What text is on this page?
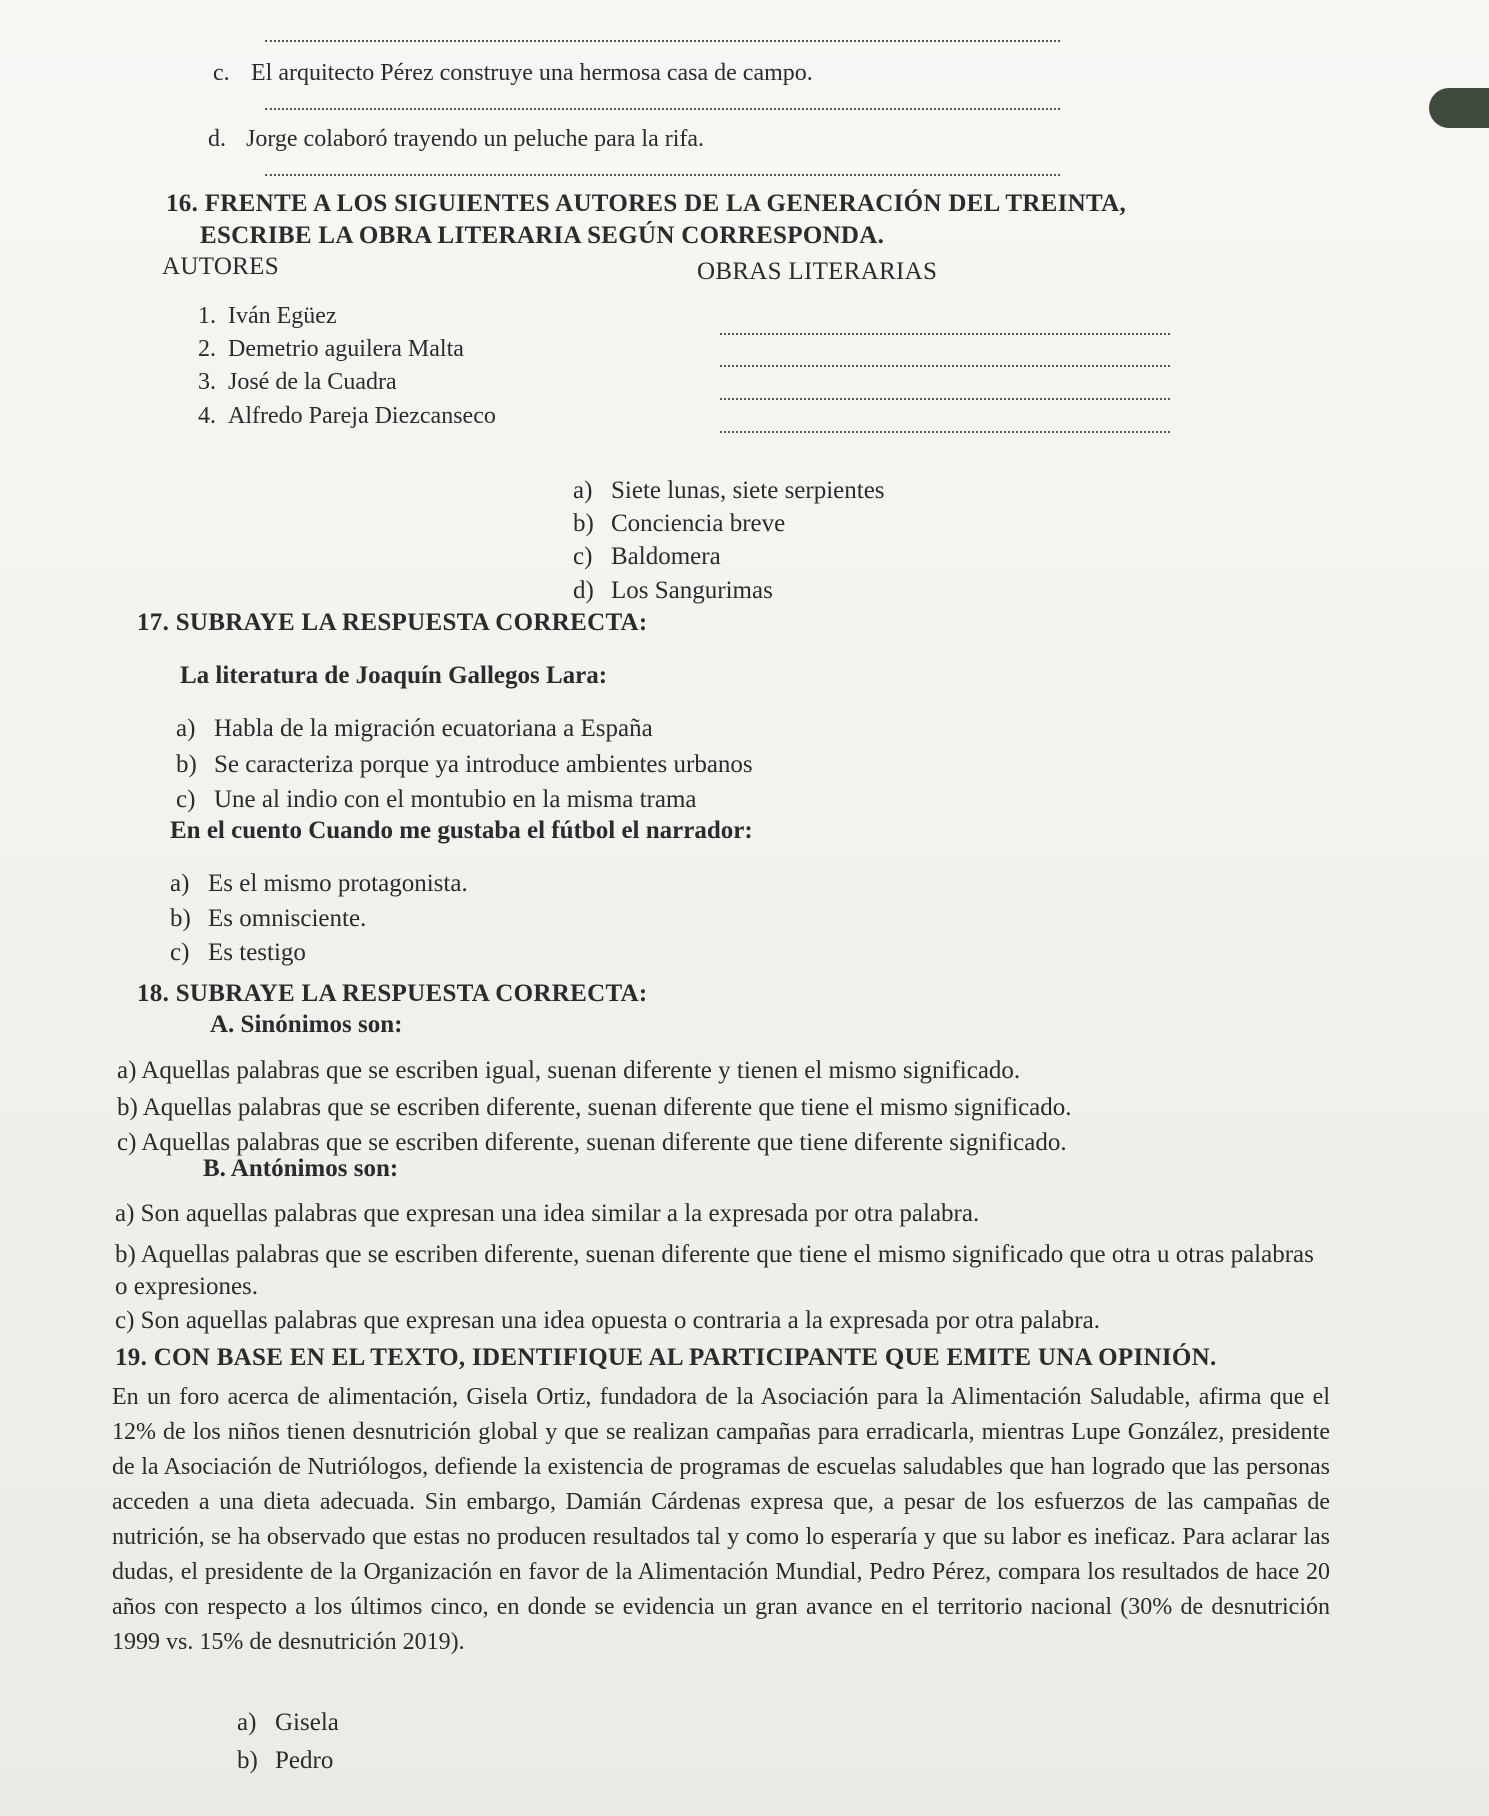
c. El arquitecto Pérez construye una hermosa casa de campo.
d. Jorge colaboró trayendo un peluche para la rifa.
16. FRENTE A LOS SIGUIENTES AUTORES DE LA GENERACIÓN DEL TREINTA,
ESCRIBE LA OBRA LITERARIA SEGÚN CORRESPONDA.
AUTORES	OBRAS LITERARIAS
1. Iván Egüez
2. Demetrio aguilera Malta
3. José de la Cuadra
4. Alfredo Pareja Diezcanseco
a) Siete lunas, siete serpientes
b) Conciencia breve
c) Baldomera
d) Los Sangurimas
17. SUBRAYE LA RESPUESTA CORRECTA:
La literatura de Joaquín Gallegos Lara:
a) Habla de la migración ecuatoriana a España
b) Se caracteriza porque ya introduce ambientes urbanos
c) Une al indio con el montubio en la misma trama
En el cuento Cuando me gustaba el fútbol el narrador:
a) Es el mismo protagonista.
b) Es omnisciente.
c) Es testigo
18. SUBRAYE LA RESPUESTA CORRECTA:
A. Sinónimos son:
a) Aquellas palabras que se escriben igual, suenan diferente y tienen el mismo significado.
b) Aquellas palabras que se escriben diferente, suenan diferente que tiene el mismo significado.
c) Aquellas palabras que se escriben diferente, suenan diferente que tiene diferente significado.
B. Antónimos son:
a) Son aquellas palabras que expresan una idea similar a la expresada por otra palabra.
b) Aquellas palabras que se escriben diferente, suenan diferente que tiene el mismo significado que otra u otras palabras o expresiones.
c) Son aquellas palabras que expresan una idea opuesta o contraria a la expresada por otra palabra.
19. CON BASE EN EL TEXTO, IDENTIFIQUE AL PARTICIPANTE QUE EMITE UNA OPINIÓN.
En un foro acerca de alimentación, Gisela Ortiz, fundadora de la Asociación para la Alimentación Saludable, afirma que el 12% de los niños tienen desnutrición global y que se realizan campañas para erradicarla, mientras Lupe González, presidente de la Asociación de Nutriólogos, defiende la existencia de programas de escuelas saludables que han logrado que las personas acceden a una dieta adecuada. Sin embargo, Damián Cárdenas expresa que, a pesar de los esfuerzos de las campañas de nutrición, se ha observado que estas no producen resultados tal y como lo esperaría y que su labor es ineficaz. Para aclarar las dudas, el presidente de la Organización en favor de la Alimentación Mundial, Pedro Pérez, compara los resultados de hace 20 años con respecto a los últimos cinco, en donde se evidencia un gran avance en el territorio nacional (30% de desnutrición 1999 vs. 15% de desnutrición 2019).
a) Gisela
b) Pedro
